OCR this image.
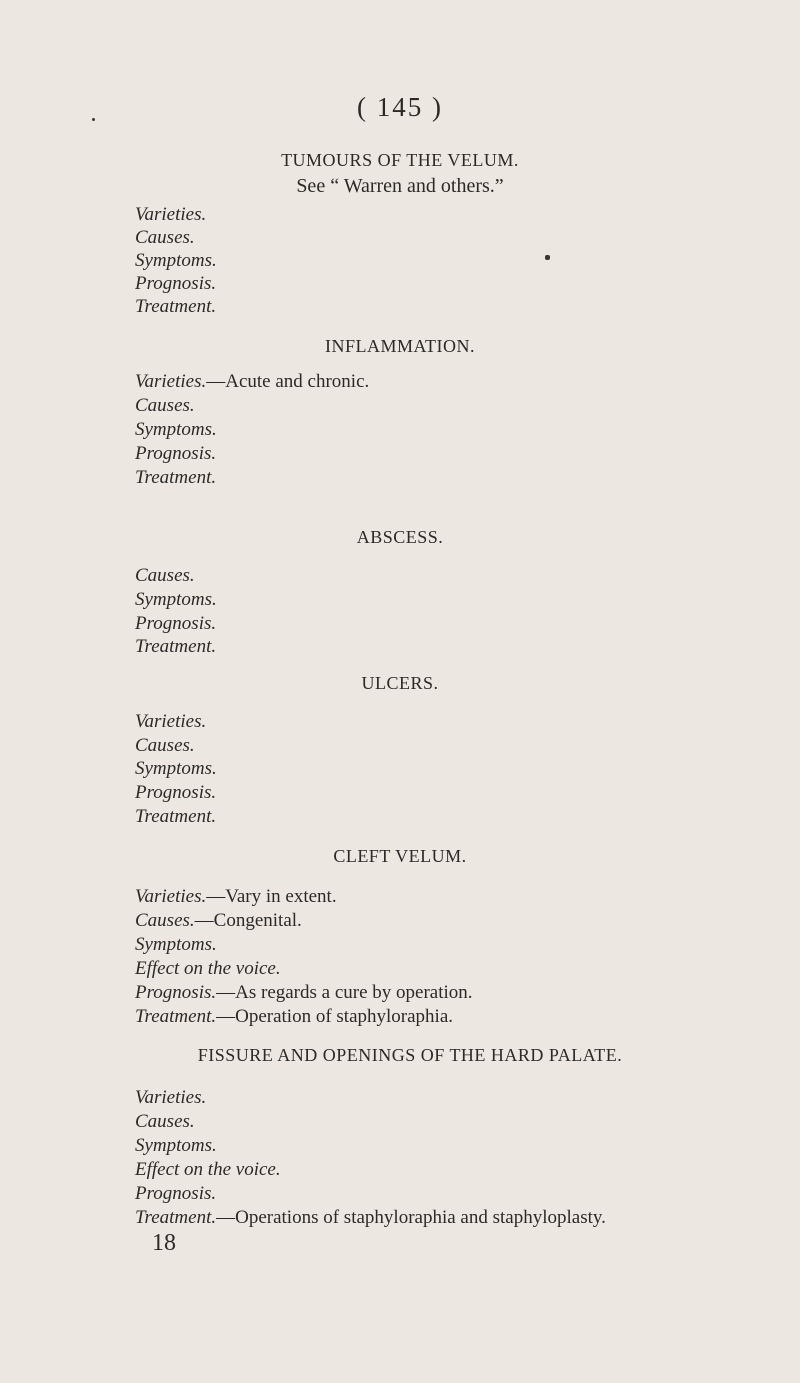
( 145 )
TUMOURS OF THE VELUM.
See “ Warren and others.”
Varieties.
Causes.
Symptoms.
Prognosis.
Treatment.
INFLAMMATION.
Varieties.—Acute and chronic.
Causes.
Symptoms.
Prognosis.
Treatment.
ABSCESS.
Causes.
Symptoms.
Prognosis.
Treatment.
ULCERS.
Varieties.
Causes.
Symptoms.
Prognosis.
Treatment.
CLEFT VELUM.
Varieties.—Vary in extent.
Causes.—Congenital.
Symptoms.
Effect on the voice.
Prognosis.—As regards a cure by operation.
Treatment.—Operation of staphyloraphia.
FISSURE AND OPENINGS OF THE HARD PALATE.
Varieties.
Causes.
Symptoms.
Effect on the voice.
Prognosis.
Treatment.—Operations of staphyloraphia and staphyloplasty.
18
